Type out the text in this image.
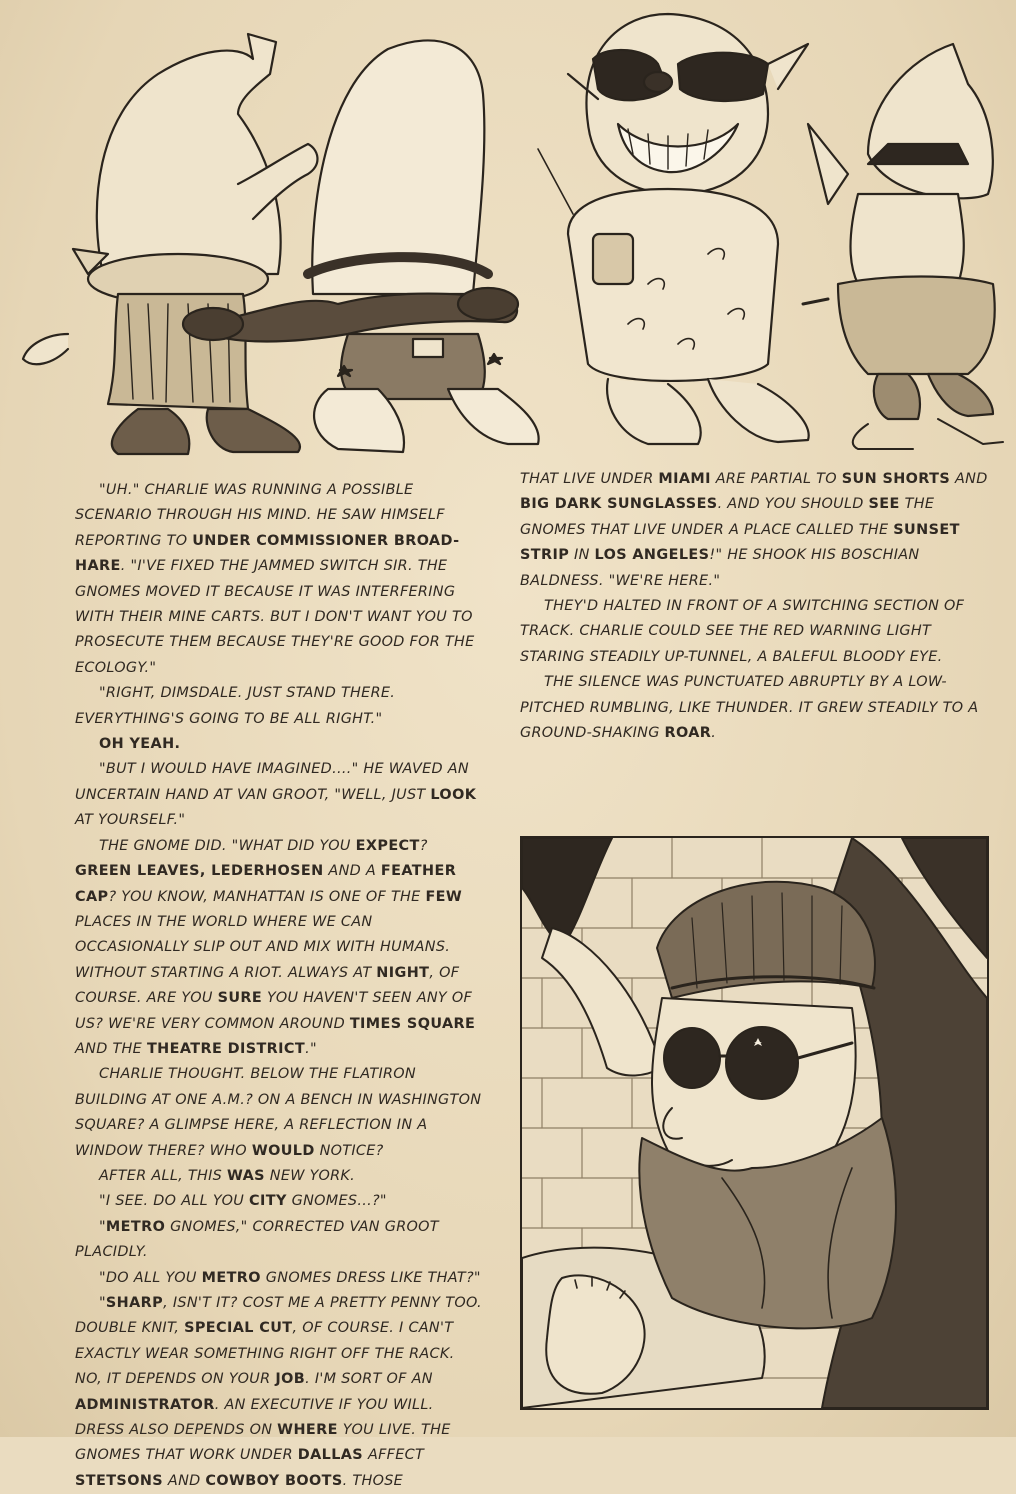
"UH." CHARLIE WAS RUNNING A POSSIBLE SCENARIO THROUGH HIS MIND. HE SAW HIMSELF REPORTING TO UNDER COMMISSIONER BROAD-HARE. "I'VE FIXED THE JAMMED SWITCH SIR. THE GNOMES MOVED IT BECAUSE IT WAS INTERFERING WITH THEIR MINE CARTS. BUT I DON'T WANT YOU TO PROSECUTE THEM BECAUSE THEY'RE GOOD FOR THE ECOLOGY."

"RIGHT, DIMSDALE. JUST STAND THERE. EVERYTHING'S GOING TO BE ALL RIGHT."

OH YEAH.

"BUT I WOULD HAVE IMAGINED...." HE WAVED AN UNCERTAIN HAND AT VAN GROOT, "WELL, JUST LOOK AT YOURSELF."

THE GNOME DID. "WHAT DID YOU EXPECT? GREEN LEAVES, LEDERHOSEN AND A FEATHER CAP? YOU KNOW, MANHATTAN IS ONE OF THE FEW PLACES IN THE WORLD WHERE WE CAN OCCASIONALLY SLIP OUT AND MIX WITH HUMANS. WITHOUT STARTING A RIOT. ALWAYS AT NIGHT, OF COURSE. ARE YOU SURE YOU HAVEN'T SEEN ANY OF US? WE'RE VERY COMMON AROUND TIMES SQUARE AND THE THEATRE DISTRICT."

CHARLIE THOUGHT. BELOW THE FLATIRON BUILDING AT ONE A.M.? ON A BENCH IN WASHINGTON SQUARE? A GLIMPSE HERE, A REFLECTION IN A WINDOW THERE? WHO WOULD NOTICE?

AFTER ALL, THIS WAS NEW YORK.

"I SEE. DO ALL YOU CITY GNOMES...?"

"METRO GNOMES," CORRECTED VAN GROOT PLACIDLY.

"DO ALL YOU METRO GNOMES DRESS LIKE THAT?"

"SHARP, ISN'T IT? COST ME A PRETTY PENNY TOO. DOUBLE KNIT, SPECIAL CUT, OF COURSE. I CAN'T EXACTLY WEAR SOMETHING RIGHT OFF THE RACK. NO, IT DEPENDS ON YOUR JOB. I'M SORT OF AN ADMINISTRATOR. AN EXECUTIVE IF YOU WILL. DRESS ALSO DEPENDS ON WHERE YOU LIVE. THE GNOMES THAT WORK UNDER DALLAS AFFECT STETSONS AND COWBOY BOOTS. THOSE

THAT LIVE UNDER MIAMI ARE PARTIAL TO SUN SHORTS AND BIG DARK SUNGLASSES. AND YOU SHOULD SEE THE GNOMES THAT LIVE UNDER A PLACE CALLED THE SUNSET STRIP IN LOS ANGELES!" HE SHOOK HIS BOSCHIAN BALDNESS. "WE'RE HERE."

THEY'D HALTED IN FRONT OF A SWITCHING SECTION OF TRACK. CHARLIE COULD SEE THE RED WARNING LIGHT STARING STEADILY UP-TUNNEL, A BALEFUL BLOODY EYE.

THE SILENCE WAS PUNCTUATED ABRUPTLY BY A LOW-PITCHED RUMBLING, LIKE THUNDER. IT GREW STEADILY TO A GROUND-SHAKING ROAR.
